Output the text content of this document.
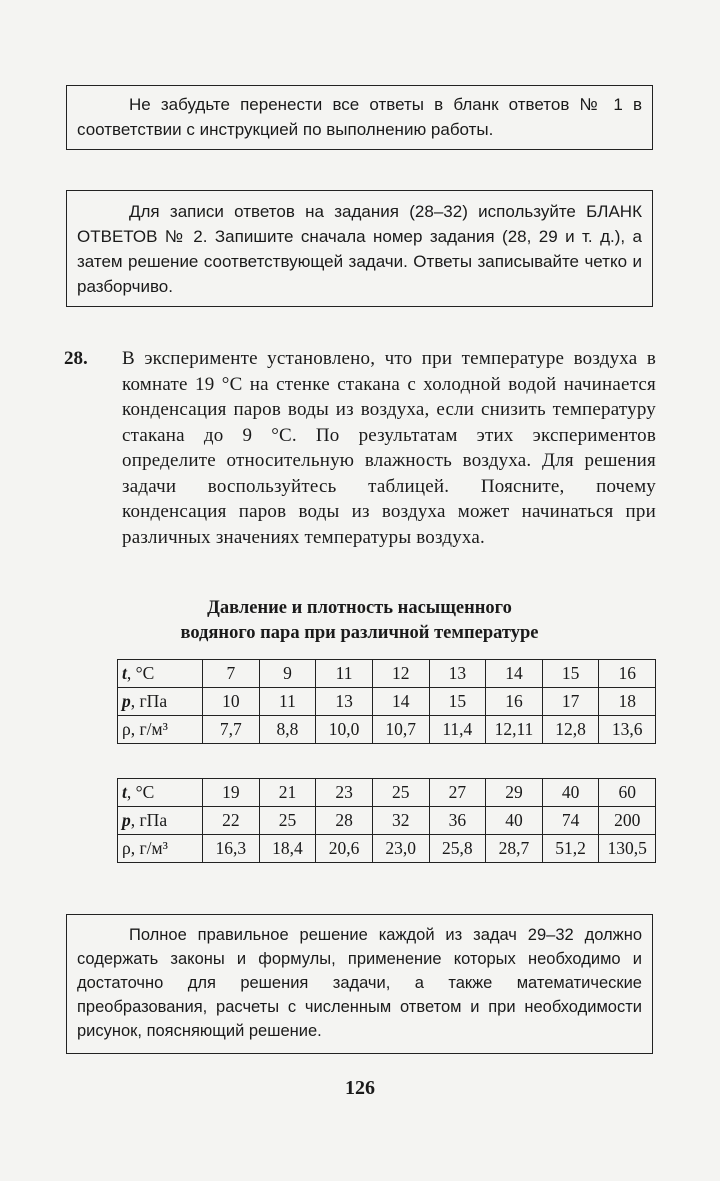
Не забудьте перенести все ответы в бланк ответов № 1 в соответствии с инструкцией по выполнению работы.

Для записи ответов на задания (28–32) используйте БЛАНК ОТВЕТОВ № 2. Запишите сначала номер задания (28, 29 и т. д.), а затем решение соответствующей задачи. Ответы записывайте четко и разборчиво.

28. В эксперименте установлено, что при температуре воздуха в комнате 19 °С на стенке стакана с холодной водой начинается конденсация паров воды из воздуха, если снизить температуру стакана до 9 °С. По результатам этих экспериментов определите относительную влажность воздуха. Для решения задачи воспользуйтесь таблицей. Поясните, почему конденсация паров воды из воздуха может начинаться при различных значениях температуры воздуха.
Давление и плотность насыщенного
водяного пара при различной температуре
t, °С	7	9	11	12	13	14	15	16
p, гПа	10	11	13	14	15	16	17	18
ρ, г/м³	7,7	8,8	10,0	10,7	11,4	12,11	12,8	13,6
t, °С	19	21	23	25	27	29	40	60
p, гПа	22	25	28	32	36	40	74	200
ρ, г/м³	16,3	18,4	20,6	23,0	25,8	28,7	51,2	130,5

Полное правильное решение каждой из задач 29–32 должно содержать законы и формулы, применение которых необходимо и достаточно для решения задачи, а также математические преобразования, расчеты с численным ответом и при необходимости рисунок, поясняющий решение.

126
